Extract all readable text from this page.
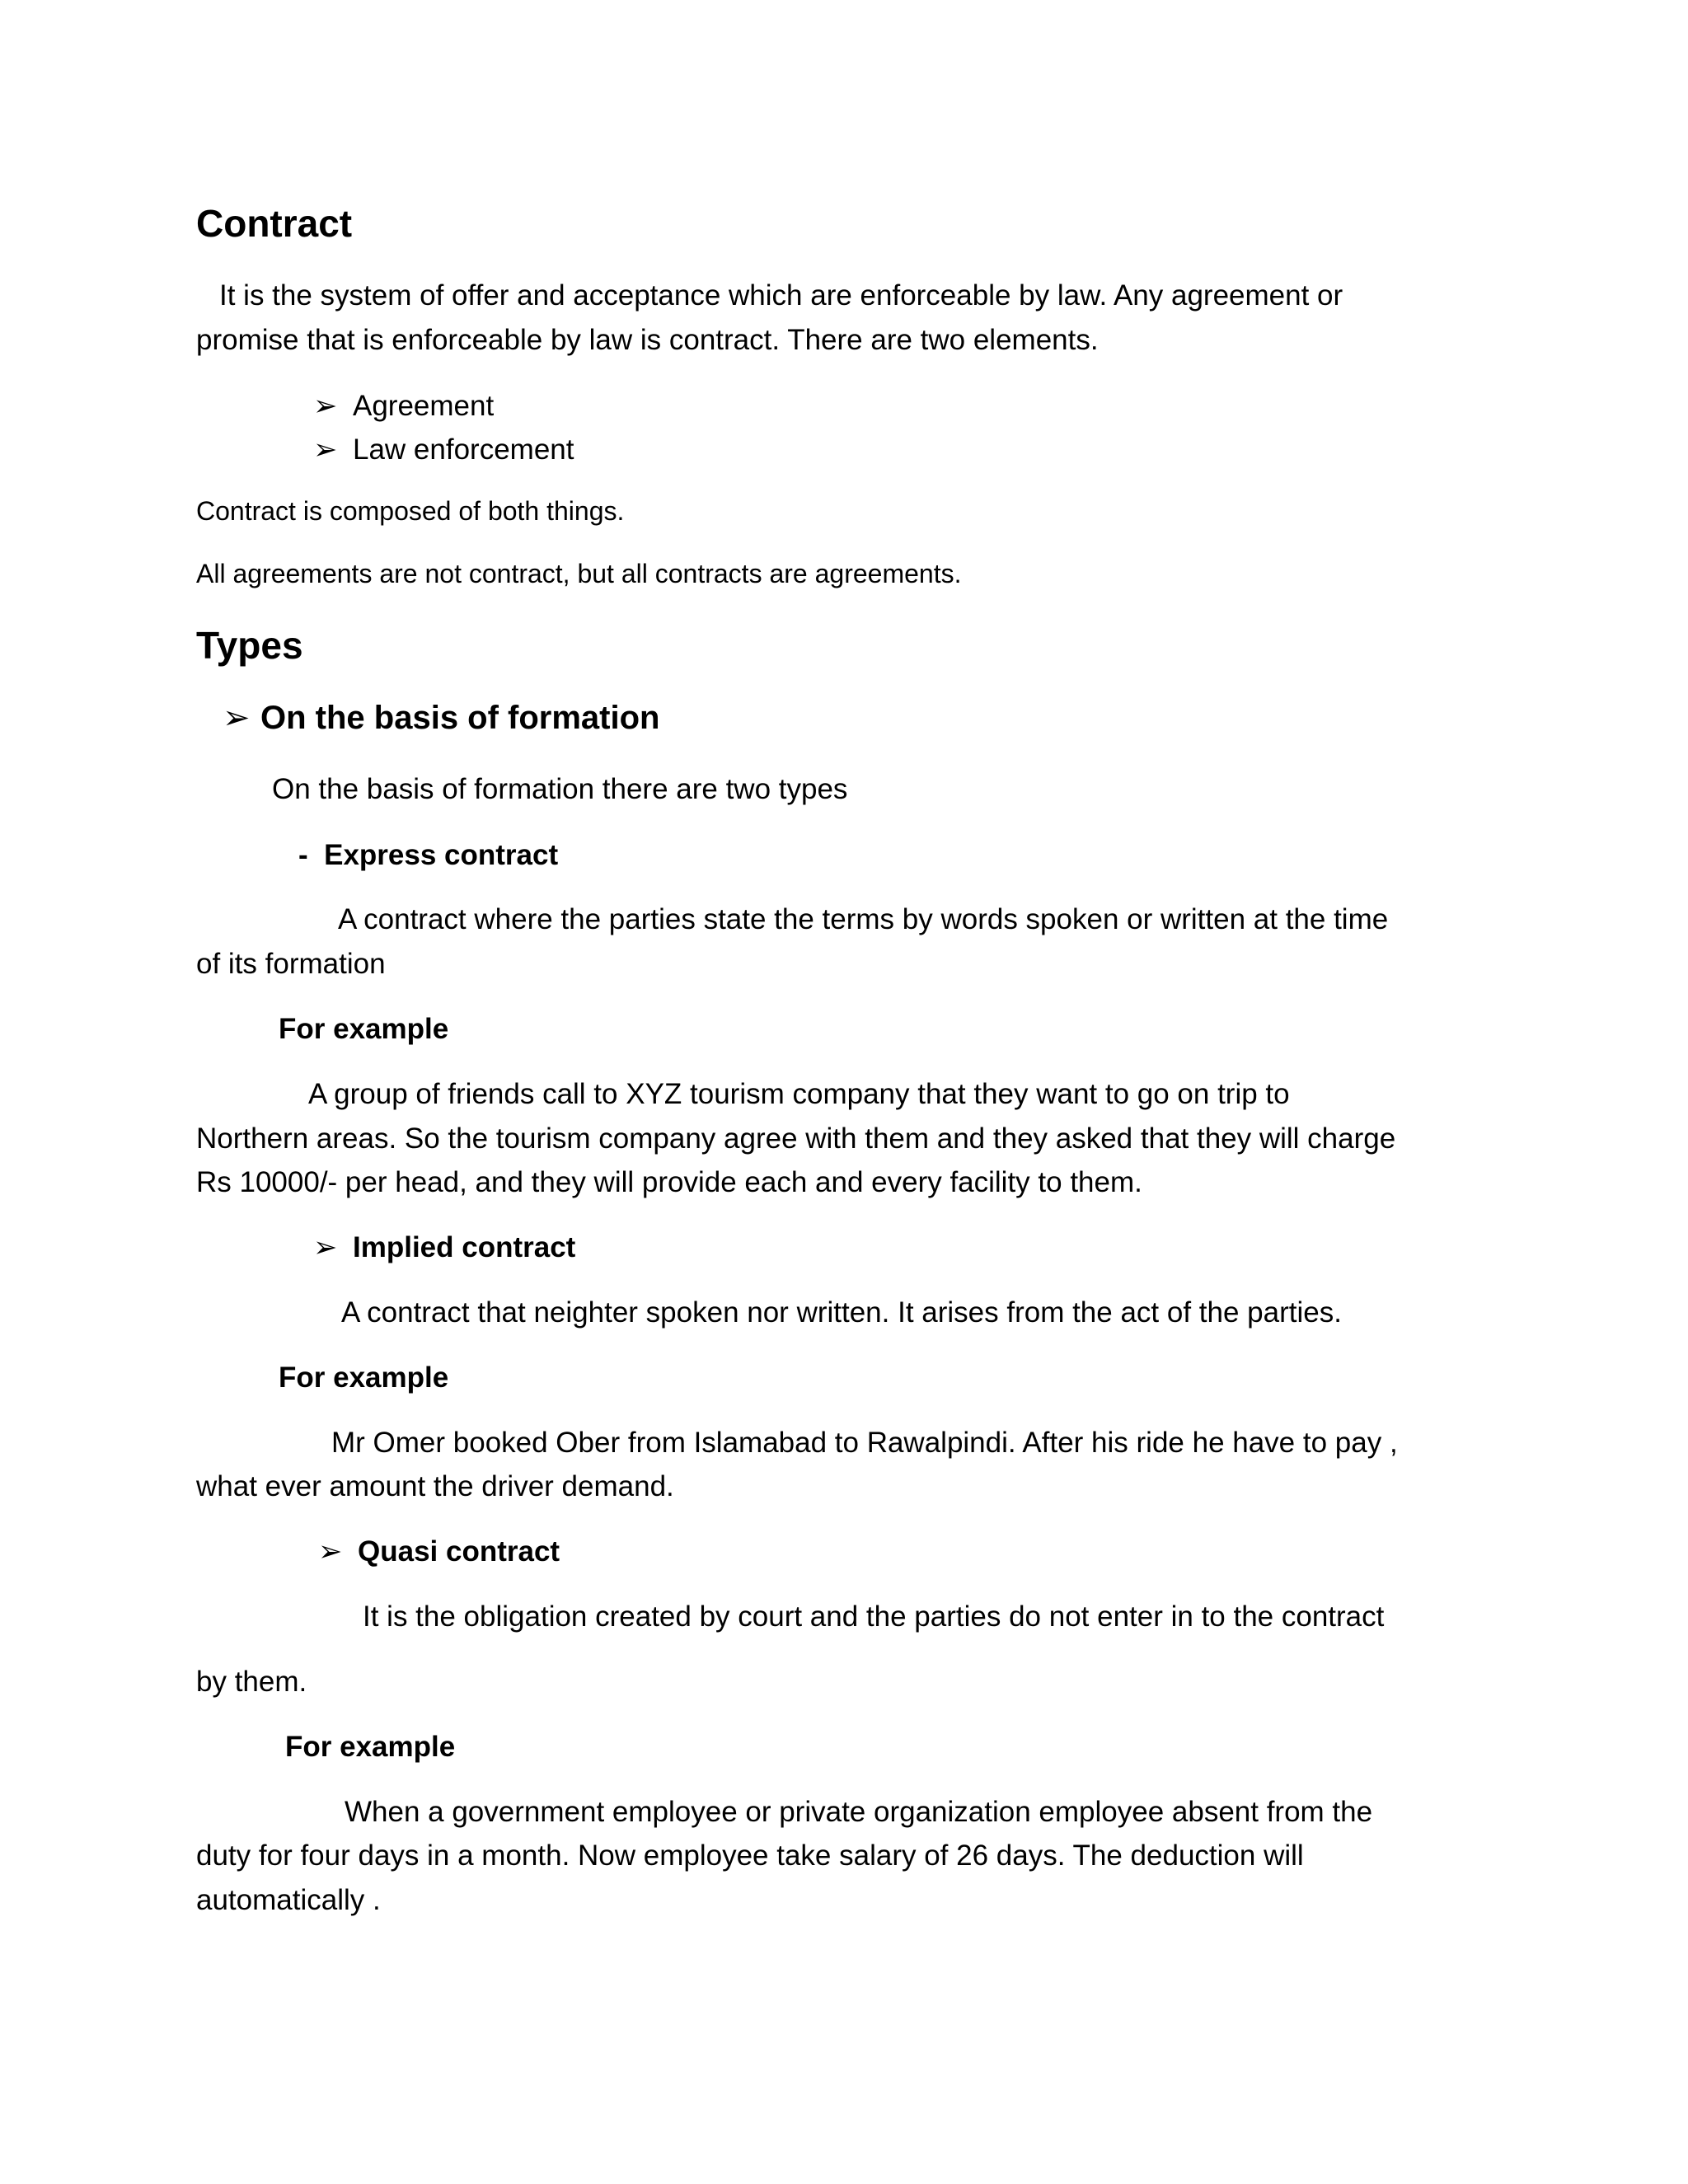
Contract

It is the system of offer and acceptance which are enforceable by law. Any agreement or

promise that is enforceable by law is contract. There are two elements.

➢ Agreement
➢ Law enforcement

Contract is composed of both things.

All agreements are not contract, but all contracts are agreements.

Types
➢ On the basis of formation

On the basis of formation there are two types

- Express contract

A contract where the parties state the terms by words spoken or written at the time

of its formation

For example

A group of friends call to XYZ tourism company that they want to go on trip to

Northern areas. So the tourism company agree with them and they asked that they will charge

Rs 10000/- per head, and they will provide each and every facility to them.

➢ Implied contract

A contract that neighter spoken nor written. It arises from the act of the parties.

For example

Mr Omer booked Ober from Islamabad to Rawalpindi. After his ride he have to pay ,

what ever amount the driver demand.

➢ Quasi contract

It is the obligation created by court and the parties do not enter in to the contract

by them.

For example

When a government employee or private organization employee absent from the

duty for four days in a month. Now employee take salary of 26 days. The deduction will

automatically .
